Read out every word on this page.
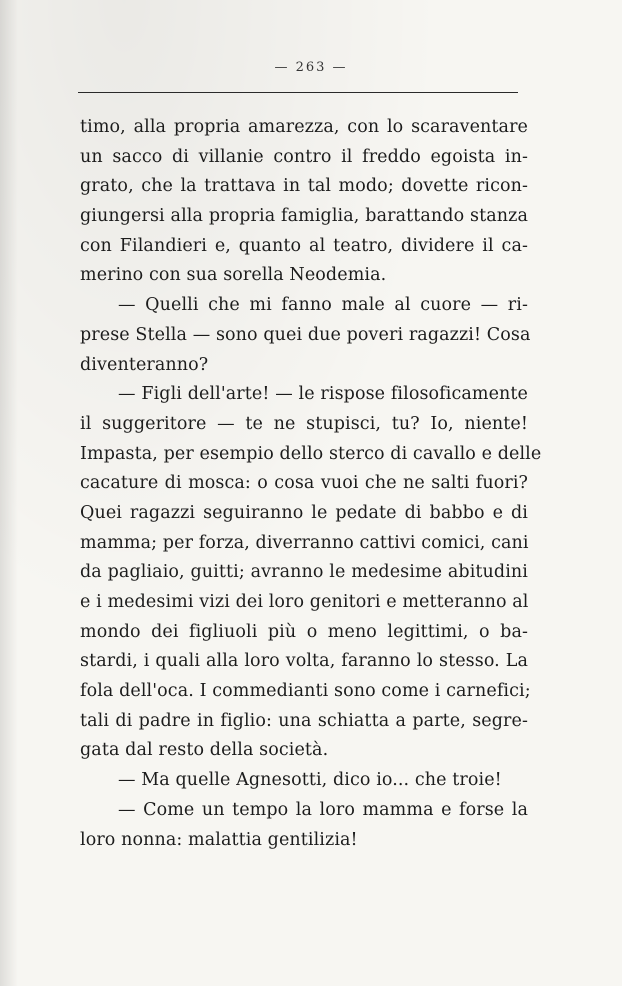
— 263 —
timo, alla propria amarezza, con lo scaraventare
un sacco di villanie contro il freddo egoista in-
grato, che la trattava in tal modo; dovette ricon-
giungersi alla propria famiglia, barattando stanza
con Filandieri e, quanto al teatro, dividere il ca-
merino con sua sorella Neodemia.
— Quelli che mi fanno male al cuore — ri-
prese Stella — sono quei due poveri ragazzi! Cosa
diventeranno?
— Figli dell'arte! — le rispose filosoficamente
il suggeritore — te ne stupisci, tu? Io, niente!
Impasta, per esempio dello sterco di cavallo e delle
cacature di mosca: o cosa vuoi che ne salti fuori?
Quei ragazzi seguiranno le pedate di babbo e di
mamma; per forza, diverranno cattivi comici, cani
da pagliaio, guitti; avranno le medesime abitudini
e i medesimi vizi dei loro genitori e metteranno al
mondo dei figliuoli più o meno legittimi, o ba-
stardi, i quali alla loro volta, faranno lo stesso. La
fola dell'oca. I commedianti sono come i carnefici;
tali di padre in figlio: una schiatta a parte, segre-
gata dal resto della società.
— Ma quelle Agnesotti, dico io... che troie!
— Come un tempo la loro mamma e forse la
loro nonna: malattia gentilizia!
